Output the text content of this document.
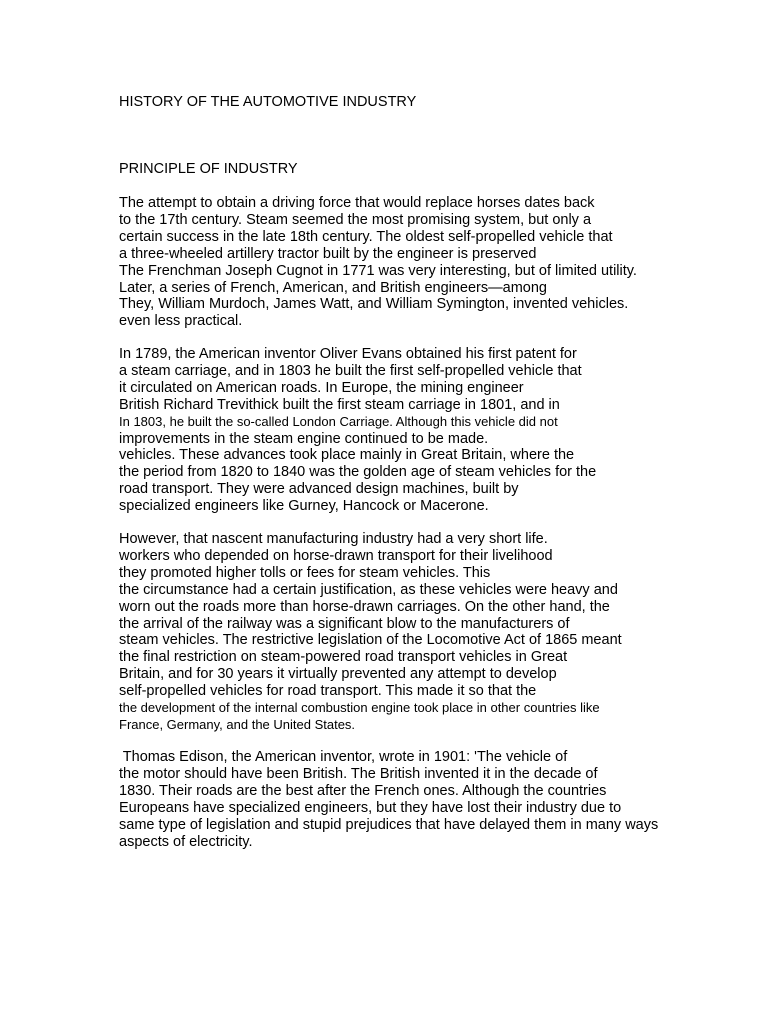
HISTORY OF THE AUTOMOTIVE INDUSTRY
PRINCIPLE OF INDUSTRY

The attempt to obtain a driving force that would replace horses dates back
to the 17th century. Steam seemed the most promising system, but only a
certain success in the late 18th century. The oldest self-propelled vehicle that
a three-wheeled artillery tractor built by the engineer is preserved
The Frenchman Joseph Cugnot in 1771 was very interesting, but of limited utility.
Later, a series of French, American, and British engineers—among
They, William Murdoch, James Watt, and William Symington, invented vehicles.
even less practical.

In 1789, the American inventor Oliver Evans obtained his first patent for
a steam carriage, and in 1803 he built the first self-propelled vehicle that
it circulated on American roads. In Europe, the mining engineer
British Richard Trevithick built the first steam carriage in 1801, and in
In 1803, he built the so-called London Carriage. Although this vehicle did not
improvements in the steam engine continued to be made.
vehicles. These advances took place mainly in Great Britain, where the
the period from 1820 to 1840 was the golden age of steam vehicles for the
road transport. They were advanced design machines, built by
specialized engineers like Gurney, Hancock or Macerone.

However, that nascent manufacturing industry had a very short life.
workers who depended on horse-drawn transport for their livelihood
they promoted higher tolls or fees for steam vehicles. This
the circumstance had a certain justification, as these vehicles were heavy and
worn out the roads more than horse-drawn carriages. On the other hand, the
the arrival of the railway was a significant blow to the manufacturers of
steam vehicles. The restrictive legislation of the Locomotive Act of 1865 meant
the final restriction on steam-powered road transport vehicles in Great
Britain, and for 30 years it virtually prevented any attempt to develop
self-propelled vehicles for road transport. This made it so that the
the development of the internal combustion engine took place in other countries like
France, Germany, and the United States.

Thomas Edison, the American inventor, wrote in 1901: 'The vehicle of
the motor should have been British. The British invented it in the decade of
1830. Their roads are the best after the French ones. Although the countries
Europeans have specialized engineers, but they have lost their industry due to
same type of legislation and stupid prejudices that have delayed them in many ways
aspects of electricity.
